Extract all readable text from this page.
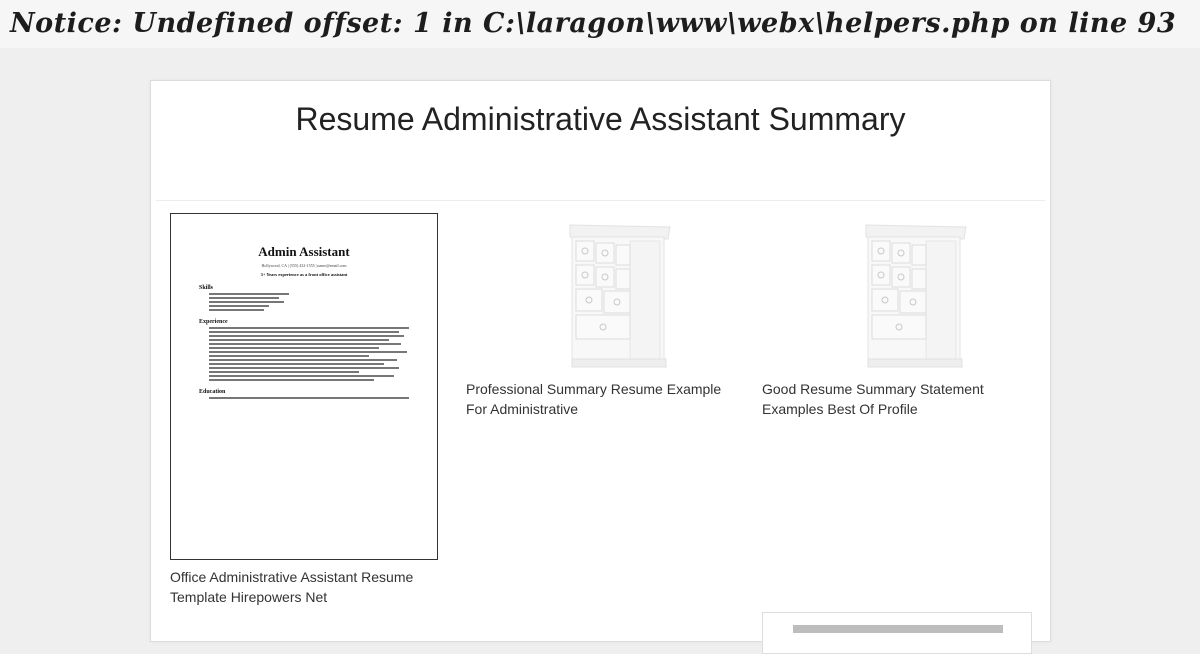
Notice: Undefined offset: 1 in C:\laragon\www\webx\helpers.php on line 93
Resume Administrative Assistant Summary
Admin Assistant
Hollywood, CA | (555) 432-1555 | name@email.com
3+ Years experience as a front office assistant
Skills
Experience
Education
Office Administrative Assistant Resume Template Hirepowers Net
Professional Summary Resume Example For Administrative
Good Resume Summary Statement Examples Best Of Profile
